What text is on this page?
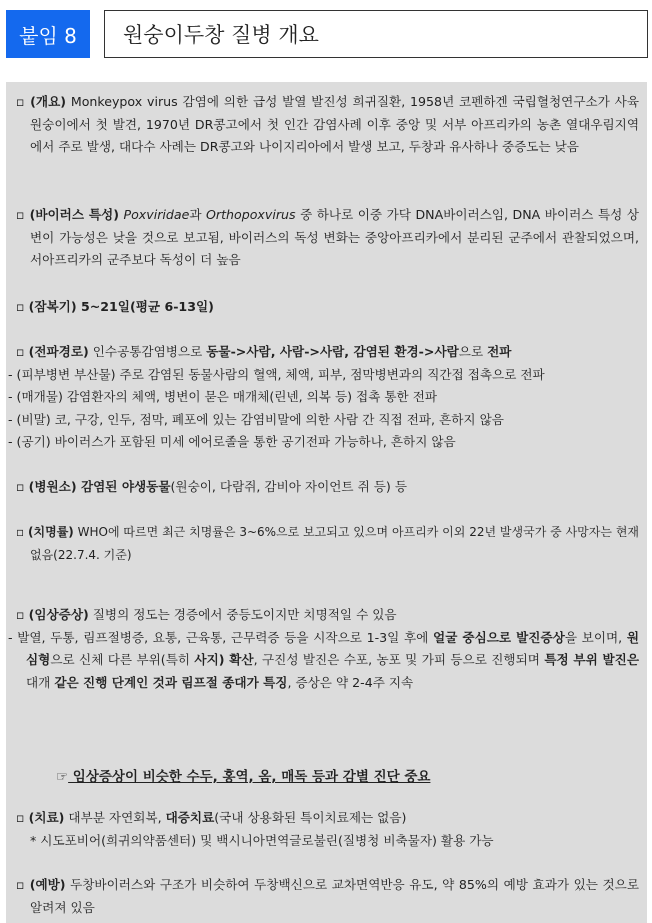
붙임 8	원숭이두창 질병 개요
▫ (개요) Monkeypox virus 감염에 의한 급성 발열 발진성 희귀질환, 1958년 코펜하겐 국립혈청연구소가 사육 원숭이에서 첫 발견, 1970년 DR콩고에서 첫 인간 감염사례 이후 중앙 및 서부 아프리카의 농촌 열대우림지역에서 주로 발생, 대다수 사례는 DR콩고와 나이지리아에서 발생 보고, 두창과 유사하나 중증도는 낮음
▫ (바이러스 특성) Poxviridae과 Orthopoxvirus 중 하나로 이중 가닥 DNA바이러스임, DNA 바이러스 특성 상 변이 가능성은 낮을 것으로 보고됨, 바이러스의 독성 변화는 중앙아프리카에서 분리된 군주에서 관찰되었으며, 서아프리카의 군주보다 독성이 더 높음
▫ (잠복기) 5~21일(평균 6-13일)
▫ (전파경로) 인수공통감염병으로 동물->사람, 사람->사람, 감염된 환경->사람으로 전파
- (피부병변 부산물) 주로 감염된 동물사람의 혈액, 체액, 피부, 점막병변과의 직간접 접촉으로 전파
- (매개물) 감염환자의 체액, 병변이 묻은 매개체(린넨, 의복 등) 접촉 통한 전파
- (비말) 코, 구강, 인두, 점막, 폐포에 있는 감염비말에 의한 사람 간 직접 전파, 흔하지 않음
- (공기) 바이러스가 포함된 미세 에어로졸을 통한 공기전파 가능하나, 흔하지 않음
▫ (병원소) 감염된 야생동물(원숭이, 다람쥐, 감비아 자이언트 쥐 등) 등
▫ (치명률) WHO에 따르면 최근 치명률은 3~6%으로 보고되고 있으며 아프리카 이외 22년 발생국가 중 사망자는 현재 없음(22.7.4. 기준)
▫ (임상증상) 질병의 정도는 경증에서 중등도이지만 치명적일 수 있음
- 발열, 두통, 림프절병증, 요통, 근육통, 근무력증 등을 시작으로 1-3일 후에 얼굴 중심으로 발진증상을 보이며, 원심형으로 신체 다른 부위(특히 사지) 확산, 구진성 발진은 수포, 농포 및 가피 등으로 진행되며 특정 부위 발진은 대개 같은 진행 단계인 것과 림프절 종대가 특징, 증상은 약 2-4주 지속
☞ 임상증상이 비슷한 수두, 홍역, 옴, 매독 등과 감별 진단 중요
▫ (치료) 대부분 자연회복, 대증치료(국내 상용화된 특이치료제는 없음)
* 시도포비어(희귀의약품센터) 및 백시니아면역글로불린(질병청 비축물자) 활용 가능
▫ (예방) 두창바이러스와 구조가 비슷하여 두창백신으로 교차면역반응 유도, 약 85%의 예방 효과가 있는 것으로 알려져 있음
